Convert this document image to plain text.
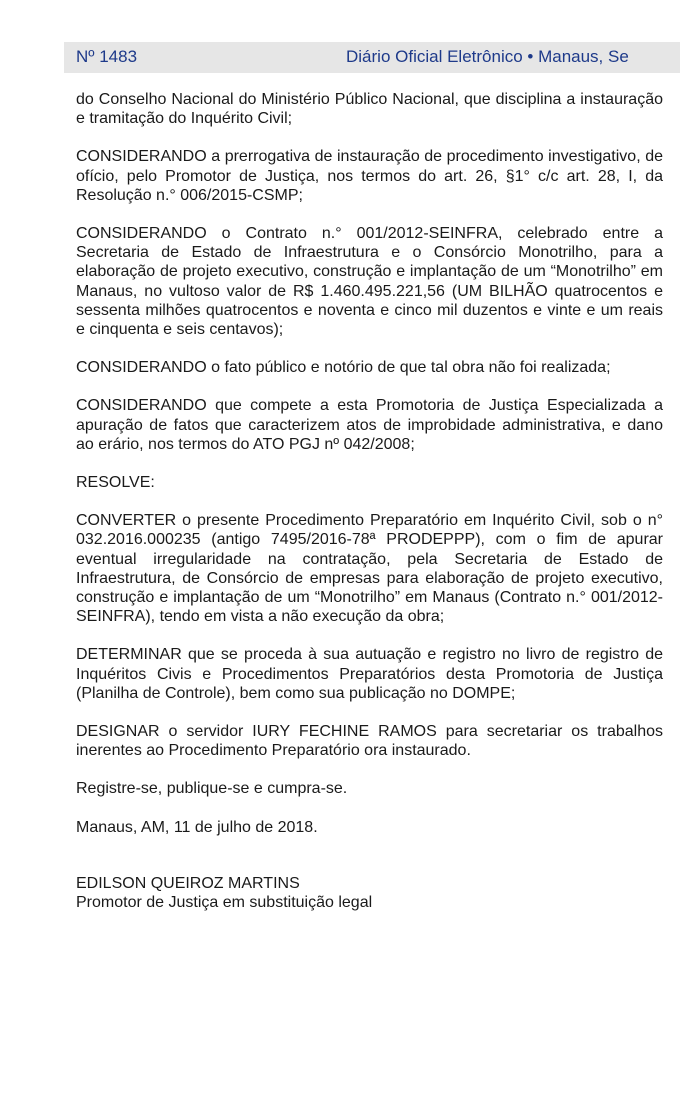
Nº 1483	Diário Oficial Eletrônico • Manaus, Se

do Conselho Nacional do Ministério Público Nacional, que disciplina a instauração e tramitação do Inquérito Civil;

CONSIDERANDO a prerrogativa de instauração de procedimento investigativo, de ofício, pelo Promotor de Justiça, nos termos do art. 26, §1° c/c art. 28, I, da Resolução n.° 006/2015-CSMP;

CONSIDERANDO o Contrato n.° 001/2012-SEINFRA, celebrado entre a Secretaria de Estado de Infraestrutura e o Consórcio Monotrilho, para a elaboração de projeto executivo, construção e implantação de um “Monotrilho” em Manaus, no vultoso valor de R$ 1.460.495.221,56 (UM BILHÃO quatrocentos e sessenta milhões quatrocentos e noventa e cinco mil duzentos e vinte e um reais e cinquenta e seis centavos);

CONSIDERANDO o fato público e notório de que tal obra não foi realizada;

CONSIDERANDO que compete a esta Promotoria de Justiça Especializada a apuração de fatos que caracterizem atos de improbidade administrativa, e dano ao erário, nos termos do ATO PGJ nº 042/2008;

RESOLVE:

CONVERTER o presente Procedimento Preparatório em Inquérito Civil, sob o n° 032.2016.000235 (antigo 7495/2016-78ª PRODEPPP), com o fim de apurar eventual irregularidade na contratação, pela Secretaria de Estado de Infraestrutura, de Consórcio de empresas para elaboração de projeto executivo, construção e implantação de um “Monotrilho” em Manaus (Contrato n.° 001/2012-SEINFRA), tendo em vista a não execução da obra;

DETERMINAR que se proceda à sua autuação e registro no livro de registro de Inquéritos Civis e Procedimentos Preparatórios desta Promotoria de Justiça (Planilha de Controle), bem como sua publicação no DOMPE;

DESIGNAR o servidor IURY FECHINE RAMOS para secretariar os trabalhos inerentes ao Procedimento Preparatório ora instaurado.

Registre-se, publique-se e cumpra-se.

Manaus, AM, 11 de julho de 2018.

EDILSON QUEIROZ MARTINS
Promotor de Justiça em substituição legal
